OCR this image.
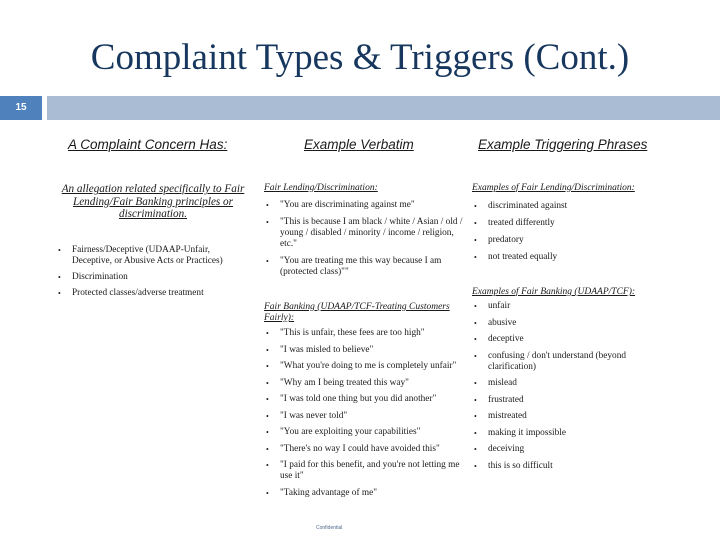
Complaint Types & Triggers (Cont.)
15
A Complaint Concern Has:	Example Verbatim	Example Triggering Phrases
An allegation related specifically to Fair Lending/Fair Banking principles or discrimination.
• Fairness/Deceptive (UDAAP-Unfair, Deceptive, or Abusive Acts or Practices)
• Discrimination
• Protected classes/adverse treatment
Fair Lending/Discrimination:
• "You are discriminating against me"
• "This is because I am black / white / Asian / old / young / disabled / minority / income / religion, etc."
• "You are treating me this way because I am (protected class)""
Fair Banking (UDAAP/TCF-Treating Customers Fairly):
• "This is unfair, these fees are too high"
• "I was misled to believe"
• "What you're doing to me is completely unfair"
• "Why am I being treated this way"
• "I was told one thing but you did another"
• "I was never told"
• "You are exploiting your capabilities"
• "There's no way I could have avoided this"
• "I paid for this benefit, and you're not letting me use it"
• "Taking advantage of me"
Examples of Fair Lending/Discrimination:
• discriminated against
• treated differently
• predatory
• not treated equally
Examples of Fair Banking (UDAAP/TCF):
• unfair
• abusive
• deceptive
• confusing / don't understand (beyond clarification)
• mislead
• frustrated
• mistreated
• making it impossible
• deceiving
• this is so difficult
Confidential
